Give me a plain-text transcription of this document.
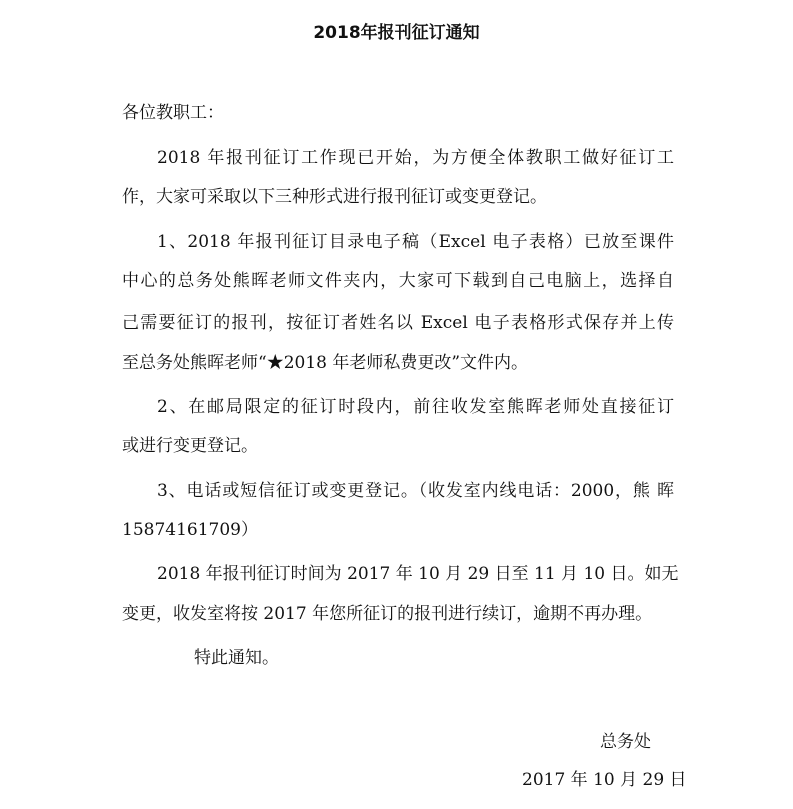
2018年报刊征订通知
各位教职工：
2018 年报刊征订工作现已开始，为方便全体教职工做好征订工
作，大家可采取以下三种形式进行报刊征订或变更登记。
1、2018 年报刊征订目录电子稿（Excel 电子表格）已放至课件
中心的总务处熊晖老师文件夹内，大家可下载到自己电脑上，选择自
己需要征订的报刊，按征订者姓名以 Excel 电子表格形式保存并上传
至总务处熊晖老师“★2018 年老师私费更改”文件内。
2、在邮局限定的征订时段内，前往收发室熊晖老师处直接征订
或进行变更登记。
3、电话或短信征订或变更登记。（收发室内线电话：2000，熊 晖
15874161709）
2018 年报刊征订时间为 2017 年 10 月 29 日至 11 月 10 日。如无
变更，收发室将按 2017 年您所征订的报刊进行续订，逾期不再办理。
特此通知。
总务处
2017 年 10 月 29 日
